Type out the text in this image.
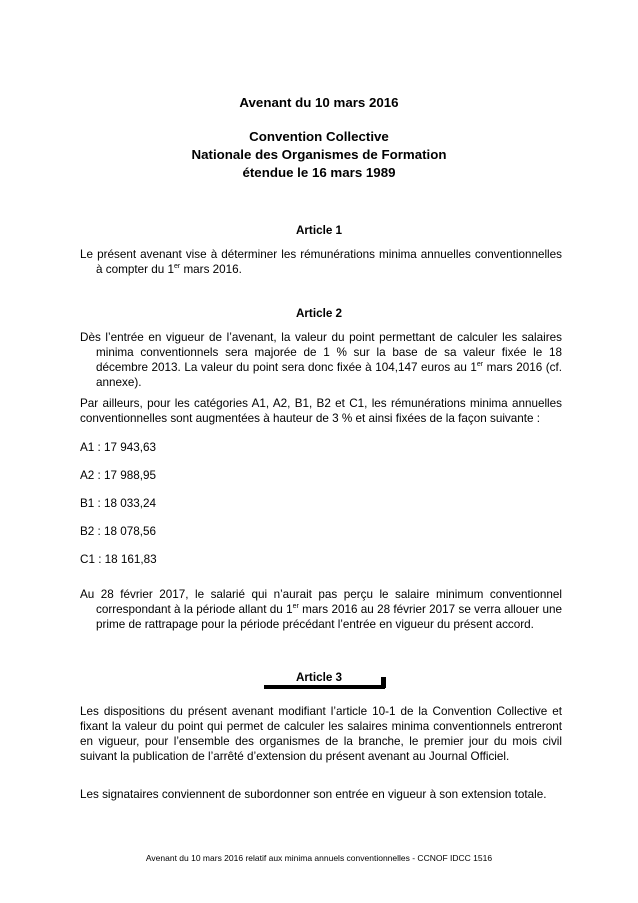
Avenant du 10 mars 2016
Convention Collective
Nationale des Organismes de Formation
étendue le 16 mars 1989
Article 1
Le présent avenant vise à déterminer les rémunérations minima annuelles conventionnelles à compter du 1er mars 2016.
Article 2
Dès l’entrée en vigueur de l’avenant, la valeur du point permettant de calculer les salaires minima conventionnels sera majorée de 1 % sur la base de sa valeur fixée le 18 décembre 2013. La valeur du point sera donc fixée à 104,147 euros au 1er mars 2016 (cf. annexe).
Par ailleurs, pour les catégories A1, A2, B1, B2 et C1, les rémunérations minima annuelles conventionnelles sont augmentées à hauteur de 3 % et ainsi fixées de la façon suivante :
A1 : 17 943,63
A2 : 17 988,95
B1 : 18 033,24
B2 : 18 078,56
C1 : 18 161,83
Au 28 février 2017, le salarié qui n’aurait pas perçu le salaire minimum conventionnel correspondant à la période allant du 1er mars 2016 au 28 février 2017 se verra allouer une prime de rattrapage pour la période précédant l’entrée en vigueur du présent accord.
Article 3
Les dispositions du présent avenant modifiant l’article 10-1 de la Convention Collective et fixant la valeur du point qui permet de calculer les salaires minima conventionnels entreront en vigueur, pour l’ensemble des organismes de la branche, le premier jour du mois civil suivant la publication de l’arrêté d’extension du présent avenant au Journal Officiel.
Les signataires conviennent de subordonner son entrée en vigueur à son extension totale.
Avenant du 10 mars 2016 relatif aux minima annuels conventionnelles - CCNOF IDCC 1516
